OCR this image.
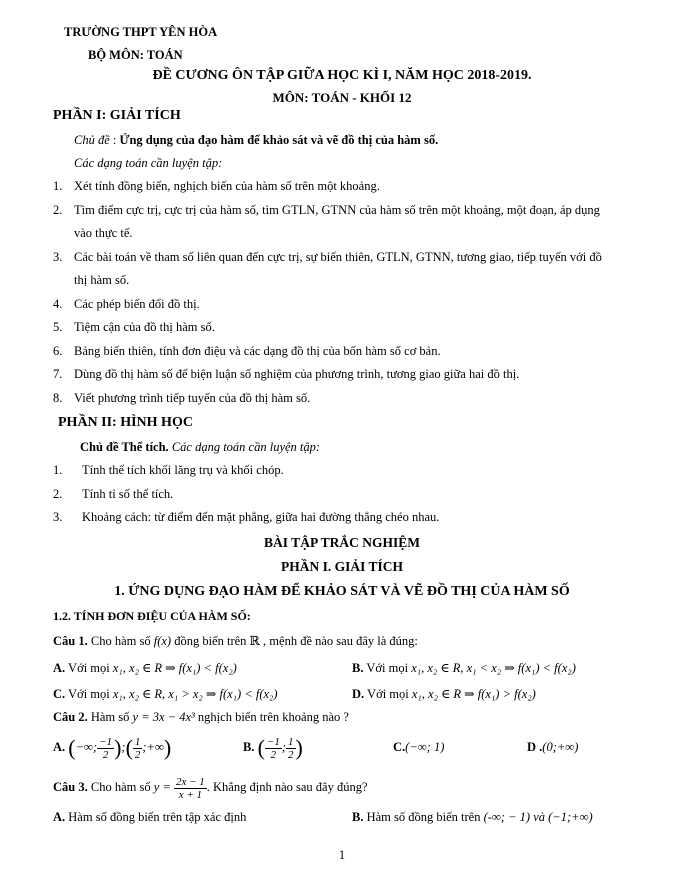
TRƯỜNG THPT YÊN HÒA
BỘ MÔN: TOÁN
ĐỀ CƯƠNG ÔN TẬP GIỮA HỌC KÌ I, NĂM HỌC 2018-2019.
MÔN: TOÁN - KHỐI 12
PHẦN I: GIẢI TÍCH
Chủ đề : Ứng dụng của đạo hàm để khảo sát và vẽ đồ thị của hàm số.
Các dạng toán cần luyện tập:
1. Xét tính đồng biến, nghịch biến của hàm số trên một khoảng.
2. Tìm điểm cực trị, cực trị của hàm số, tìm GTLN, GTNN của hàm số trên một khoảng, một đoạn, áp dụng
vào thực tế.
3. Các bài toán về tham số liên quan đến cực trị, sự biến thiên, GTLN, GTNN, tương giao, tiếp tuyến với đồ
thị hàm số.
4. Các phép biến đổi đồ thị.
5. Tiệm cận của đồ thị hàm số.
6. Bảng biến thiên, tính đơn điệu và các dạng đồ thị của bốn hàm số cơ bản.
7. Dùng đồ thị hàm số để biện luận số nghiệm của phương trình, tương giao giữa hai đồ thị.
8. Viết phương trình tiếp tuyến của đồ thị hàm số.
PHẦN II: HÌNH HỌC
Chủ đề Thể tích. Các dạng toán cần luyện tập:
1. Tính thể tích khối lăng trụ và khối chóp.
2. Tính tỉ số thể tích.
3. Khoảng cách: từ điểm đến mặt phẳng, giữa hai đường thẳng chéo nhau.
BÀI TẬP TRẮC NGHIỆM
PHẦN I. GIẢI TÍCH
1. ỨNG DỤNG ĐẠO HÀM ĐỂ KHẢO SÁT VÀ VẼ ĐỒ THỊ CỦA HÀM SỐ
1.2. TÍNH ĐƠN ĐIỆU CỦA HÀM SỐ:
Câu 1. Cho hàm số f(x) đồng biến trên ℝ , mệnh đề nào sau đây là đúng:
A. Với mọi x₁, x₂ ∈ R ⇒ f(x₁) < f(x₂)	B. Với mọi x₁, x₂ ∈ R, x₁ < x₂ ⇒ f(x₁) < f(x₂)
C. Với mọi x₁, x₂ ∈ R, x₁ > x₂ ⇒ f(x₁) < f(x₂)	D. Với mọi x₁, x₂ ∈ R ⇒ f(x₁) > f(x₂)
Câu 2. Hàm số y = 3x − 4x³ nghịch biến trên khoảng nào ?
A. (−∞; $\frac{-1}{2}$ );( $\frac{1}{2}$ ;+∞)	B. ( $\frac{-1}{2}$ ; $\frac{1}{2}$ )	C.(−∞; 1)	D .(0;+∞)
Câu 3. Cho hàm số $y = \frac{2x - 1}{x + 1}$ . Khẳng định nào sau đây đúng?
A. Hàm số đồng biến trên tập xác định	B. Hàm số đồng biến trên (-∞; − 1) và (−1;+∞)
1
